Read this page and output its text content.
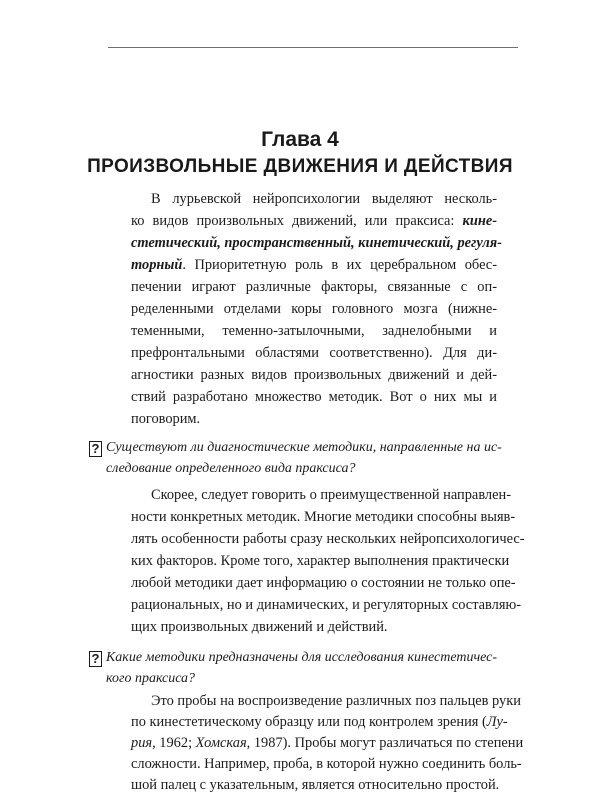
Глава 4
ПРОИЗВОЛЬНЫЕ ДВИЖЕНИЯ И ДЕЙСТВИЯ
В лурьевской нейропсихологии выделяют несколь-
ко видов произвольных движений, или праксиса: кине-
стетический, пространственный, кинетический, регуля-
торный. Приоритетную роль в их церебральном обес-
печении играют различные факторы, связанные с оп-
ределенными отделами коры головного мозга (нижне-
теменными, теменно-затылочными, заднелобными и
префронтальными областями соответственно). Для ди-
агностики разных видов произвольных движений и дей-
ствий разработано множество методик. Вот о них мы и
поговорим.
? Существуют ли диагностические методики, направленные на ис-
следование определенного вида праксиса?
Скорее, следует говорить о преимущественной направлен-
ности конкретных методик. Многие методики способны выяв-
лять особенности работы сразу нескольких нейропсихологичес-
ких факторов. Кроме того, характер выполнения практически
любой методики дает информацию о состоянии не только опе-
рациональных, но и динамических, и регуляторных составляю-
щих произвольных движений и действий.
? Какие методики предназначены для исследования кинестетичес-
кого праксиса?
Это пробы на воспроизведение различных поз пальцев руки
по кинестетическому образцу или под контролем зрения (Лу-
рия, 1962; Хомская, 1987). Пробы могут различаться по степени
сложности. Например, проба, в которой нужно соединить боль-
шой палец с указательным, является относительно простой.
